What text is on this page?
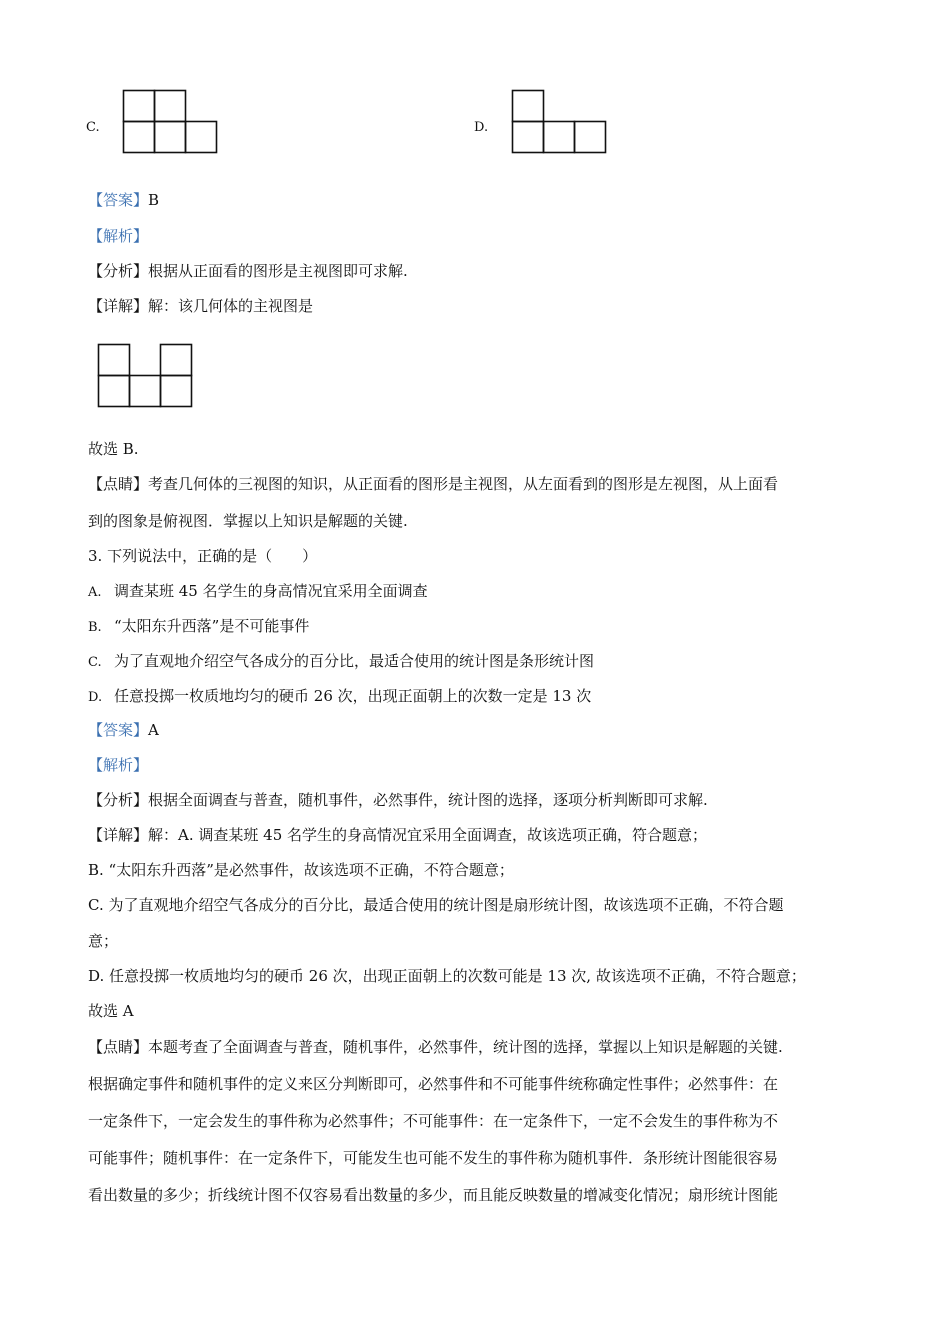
C.	D.
【答案】B
【解析】
【分析】根据从正面看的图形是主视图即可求解.
【详解】解：该几何体的主视图是
故选 B.
【点睛】考查几何体的三视图的知识，从正面看的图形是主视图，从左面看到的图形是左视图，从上面看
到的图象是俯视图．掌握以上知识是解题的关键.
3. 下列说法中，正确的是（　　）
A. 调查某班 45 名学生的身高情况宜采用全面调查
B. “太阳东升西落”是不可能事件
C. 为了直观地介绍空气各成分的百分比，最适合使用的统计图是条形统计图
D. 任意投掷一枚质地均匀的硬币 26 次，出现正面朝上的次数一定是 13 次
【答案】A
【解析】
【分析】根据全面调查与普查，随机事件，必然事件，统计图的选择，逐项分析判断即可求解.
【详解】解：A. 调查某班 45 名学生的身高情况宜采用全面调查，故该选项正确，符合题意；
B. “太阳东升西落”是必然事件，故该选项不正确，不符合题意；
C. 为了直观地介绍空气各成分的百分比，最适合使用的统计图是扇形统计图，故该选项不正确，不符合题
意；
D. 任意投掷一枚质地均匀的硬币 26 次，出现正面朝上的次数可能是 13 次, 故该选项不正确，不符合题意；
故选 A
【点睛】本题考查了全面调查与普查，随机事件，必然事件，统计图的选择，掌握以上知识是解题的关键.
根据确定事件和随机事件的定义来区分判断即可，必然事件和不可能事件统称确定性事件；必然事件：在
一定条件下，一定会发生的事件称为必然事件；不可能事件：在一定条件下，一定不会发生的事件称为不
可能事件；随机事件：在一定条件下，可能发生也可能不发生的事件称为随机事件．条形统计图能很容易
看出数量的多少；折线统计图不仅容易看出数量的多少，而且能反映数量的增减变化情况；扇形统计图能
